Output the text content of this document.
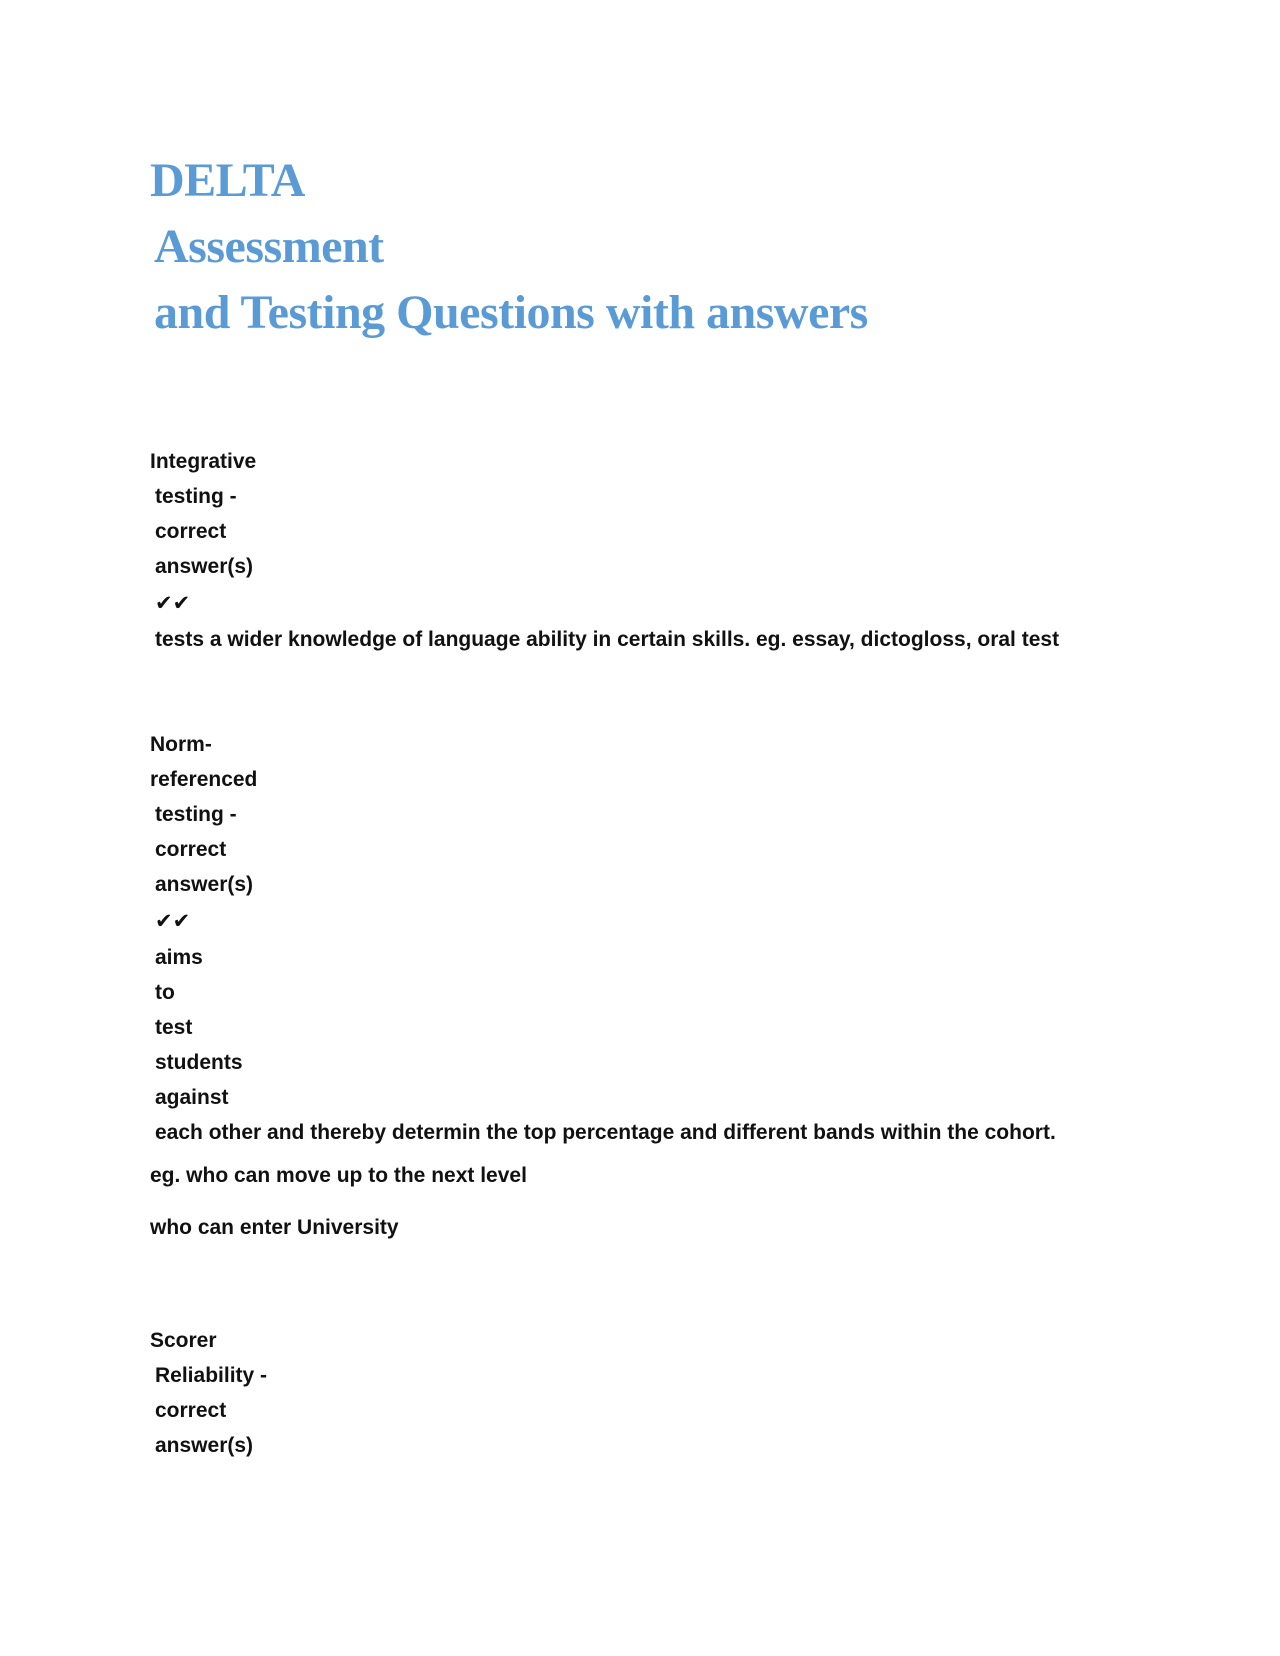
DELTA
Assessment
and Testing Questions with answers
Integrative
testing -
correct
answer(s)
✔✔
tests a wider knowledge of language ability in certain skills. eg. essay, dictogloss, oral test
Norm-
referenced
testing -
correct
answer(s)
✔✔
aims
to
test
students
against
each other and thereby determin the top percentage and different bands within the cohort.
eg. who can move up to the next level
who can enter University
Scorer
Reliability -
correct
answer(s)
